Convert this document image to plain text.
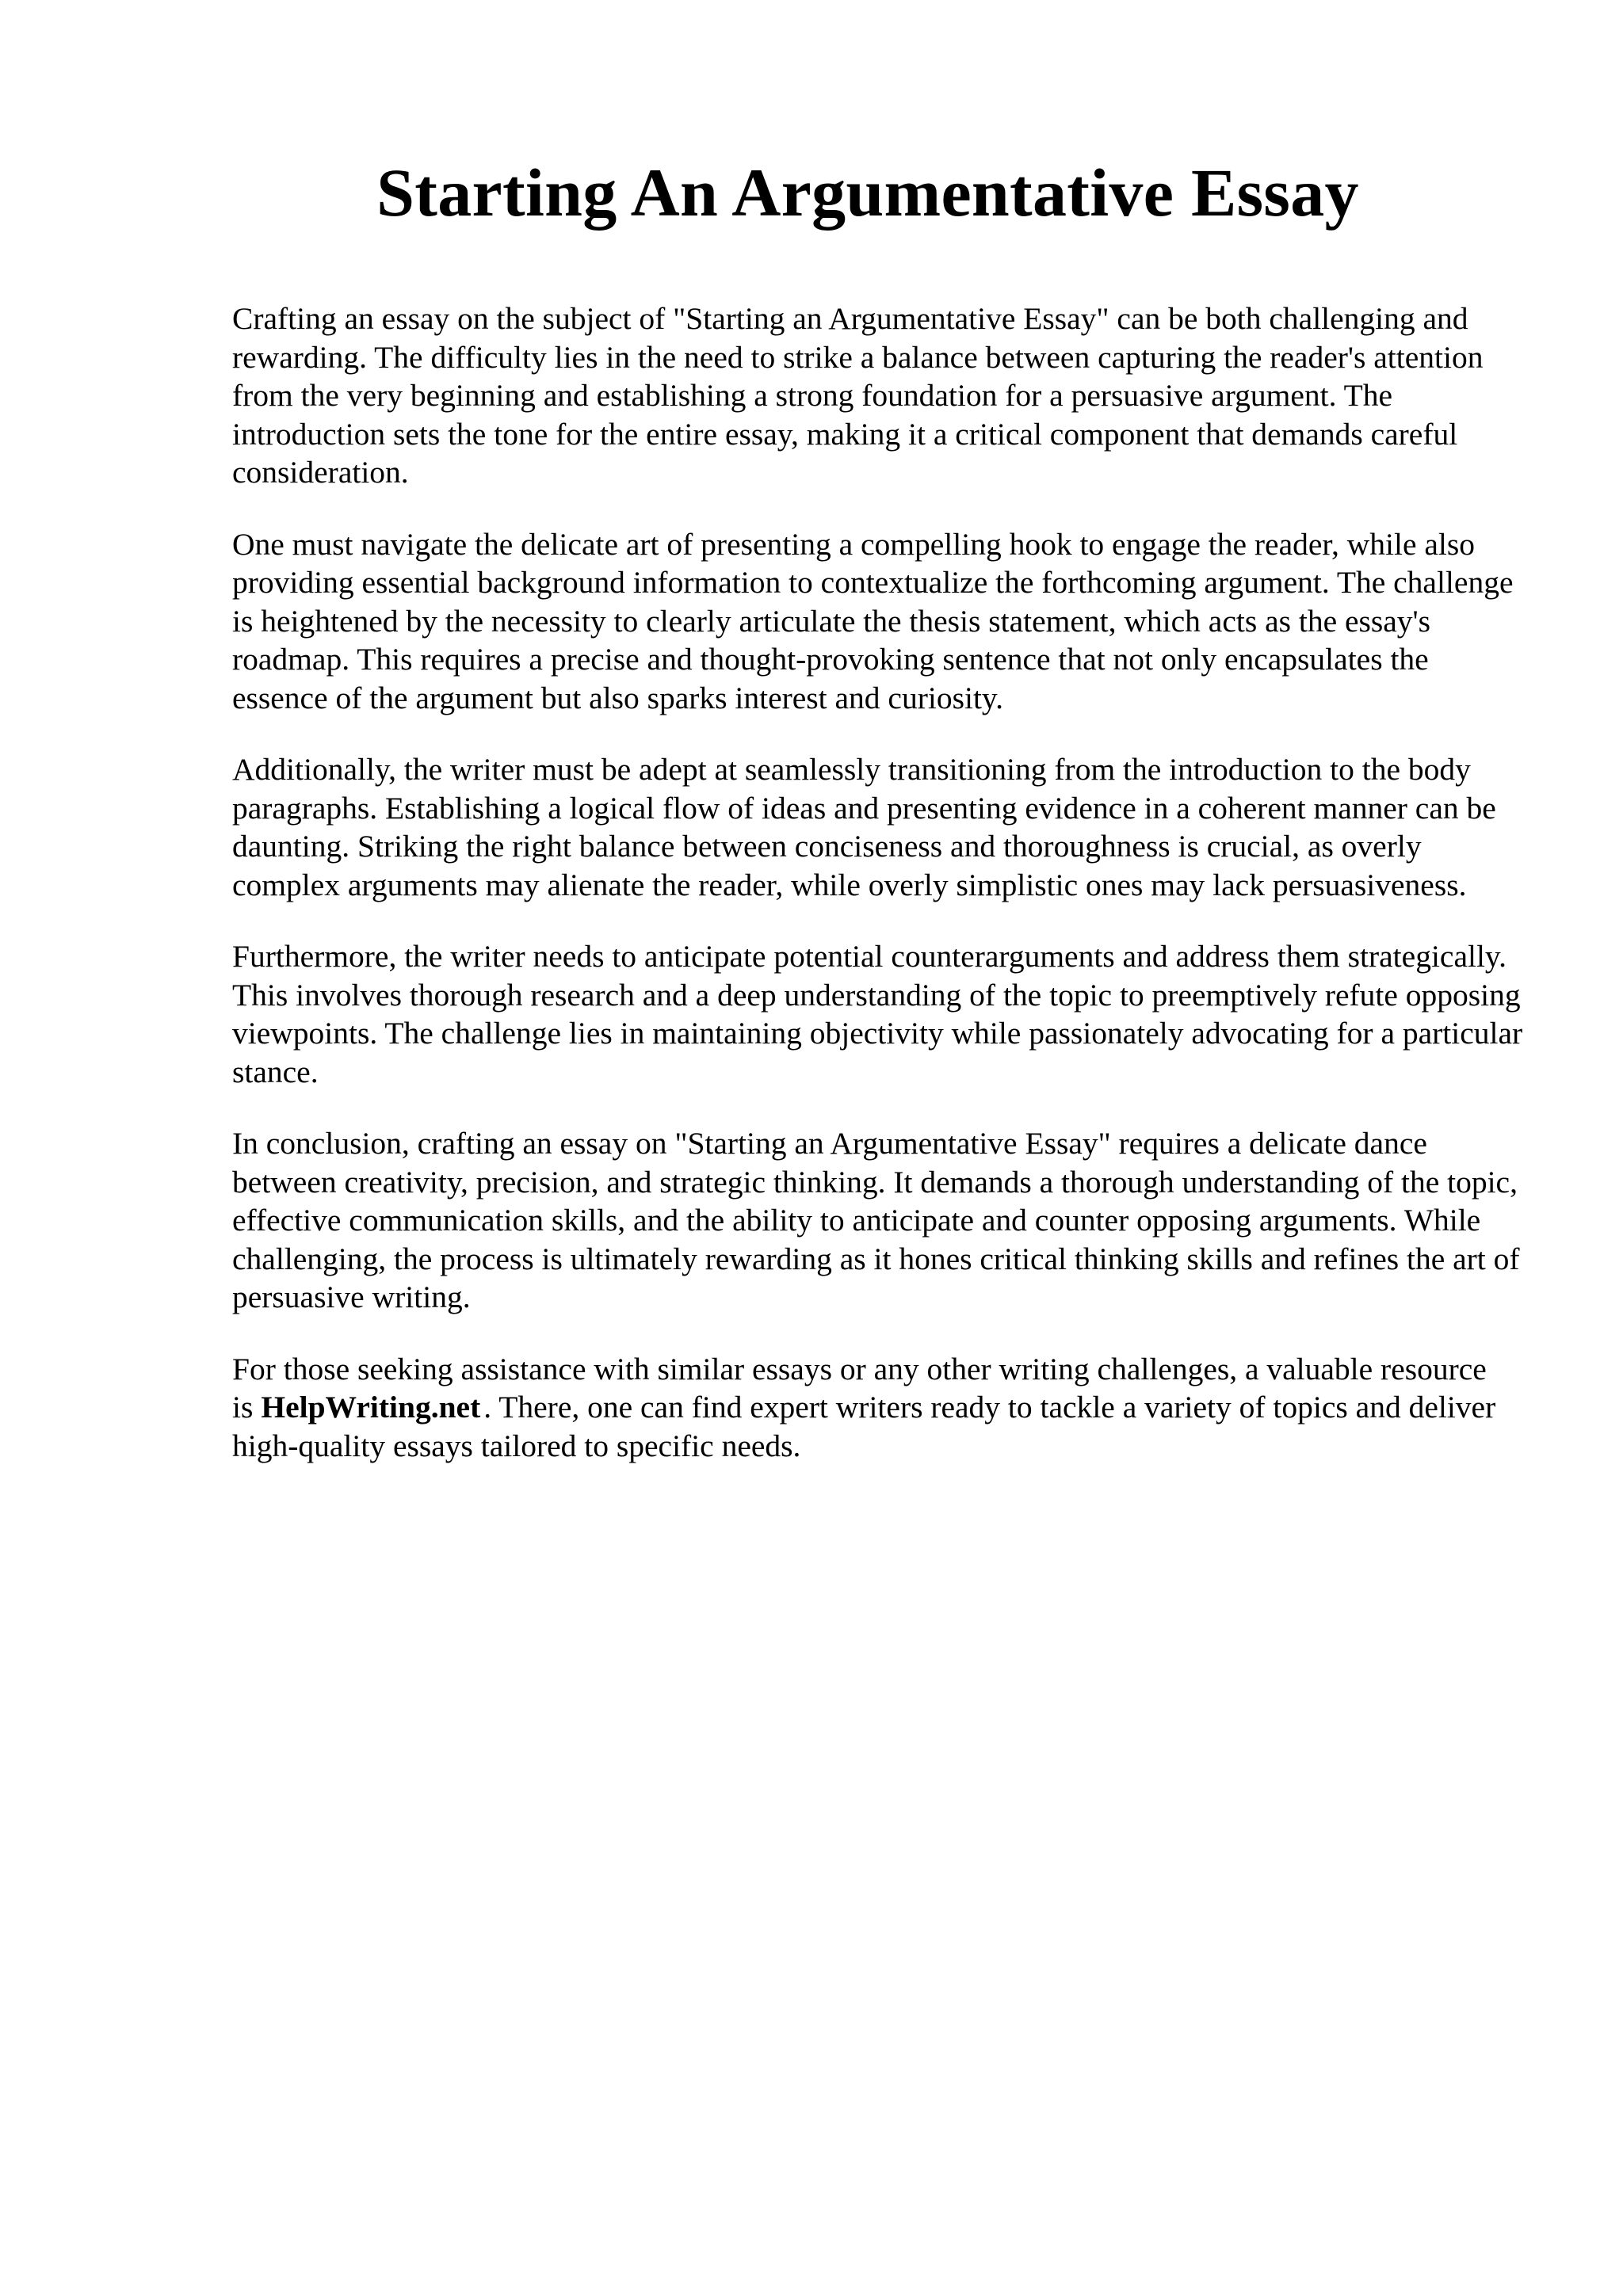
Starting An Argumentative Essay

Crafting an essay on the subject of "Starting an Argumentative Essay" can be both challenging and rewarding. The difficulty lies in the need to strike a balance between capturing the reader's attention from the very beginning and establishing a strong foundation for a persuasive argument. The introduction sets the tone for the entire essay, making it a critical component that demands careful consideration.

One must navigate the delicate art of presenting a compelling hook to engage the reader, while also providing essential background information to contextualize the forthcoming argument. The challenge is heightened by the necessity to clearly articulate the thesis statement, which acts as the essay's roadmap. This requires a precise and thought-provoking sentence that not only encapsulates the essence of the argument but also sparks interest and curiosity.

Additionally, the writer must be adept at seamlessly transitioning from the introduction to the body paragraphs. Establishing a logical flow of ideas and presenting evidence in a coherent manner can be daunting. Striking the right balance between conciseness and thoroughness is crucial, as overly complex arguments may alienate the reader, while overly simplistic ones may lack persuasiveness.

Furthermore, the writer needs to anticipate potential counterarguments and address them strategically. This involves thorough research and a deep understanding of the topic to preemptively refute opposing viewpoints. The challenge lies in maintaining objectivity while passionately advocating for a particular stance.

In conclusion, crafting an essay on "Starting an Argumentative Essay" requires a delicate dance between creativity, precision, and strategic thinking. It demands a thorough understanding of the topic, effective communication skills, and the ability to anticipate and counter opposing arguments. While challenging, the process is ultimately rewarding as it hones critical thinking skills and refines the art of persuasive writing.

For those seeking assistance with similar essays or any other writing challenges, a valuable resource is HelpWriting.net . There, one can find expert writers ready to tackle a variety of topics and deliver high-quality essays tailored to specific needs.
